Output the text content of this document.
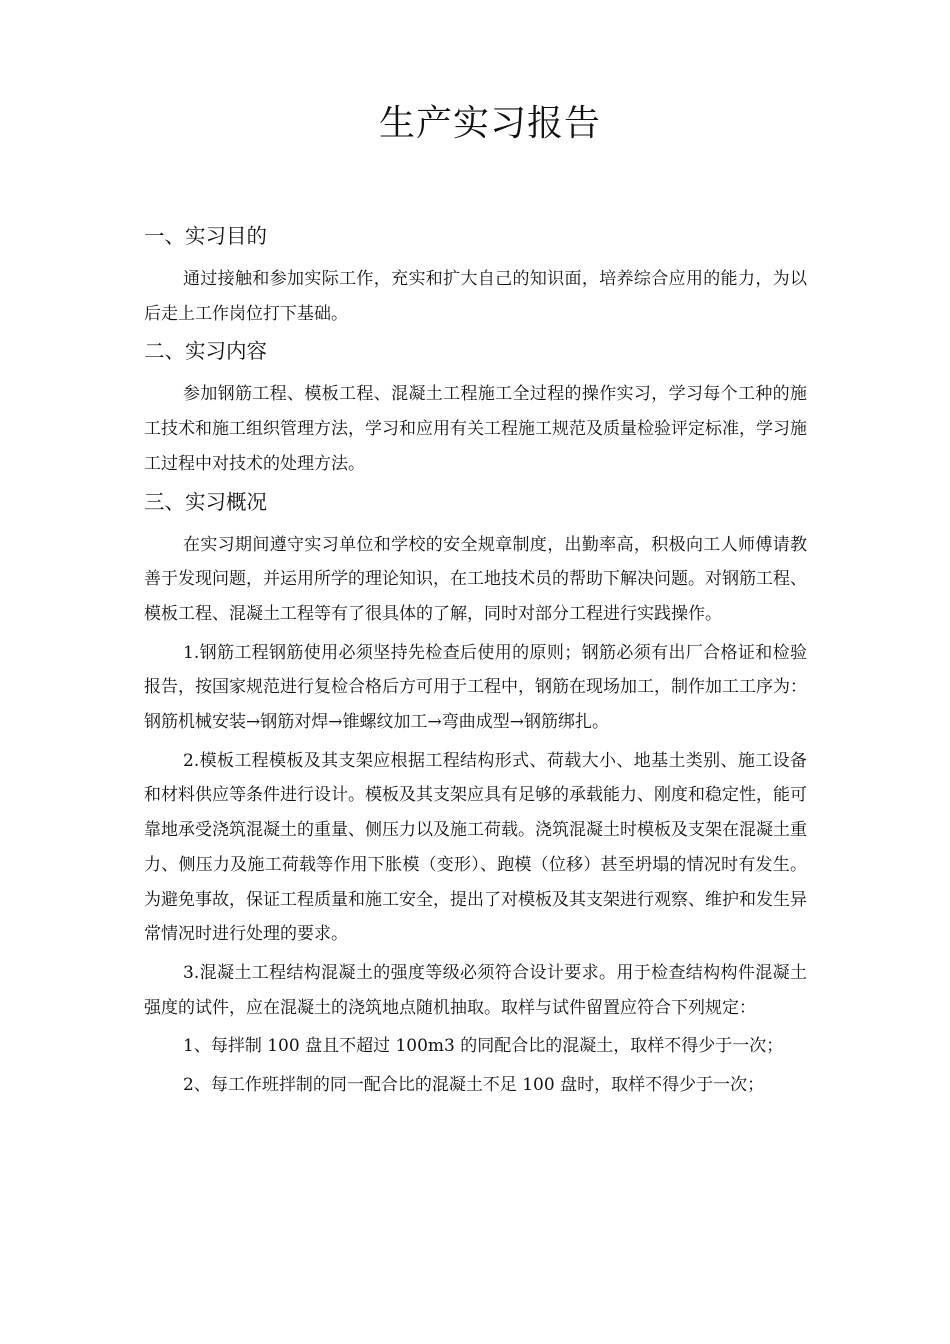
生产实习报告
一、实习目的

通过接触和参加实际工作，充实和扩大自己的知识面，培养综合应用的能力，为以后走上工作岗位打下基础。

二、实习内容

参加钢筋工程、模板工程、混凝土工程施工全过程的操作实习，学习每个工种的施工技术和施工组织管理方法，学习和应用有关工程施工规范及质量检验评定标准，学习施工过程中对技术的处理方法。

三、实习概况

在实习期间遵守实习单位和学校的安全规章制度，出勤率高，积极向工人师傅请教善于发现问题，并运用所学的理论知识，在工地技术员的帮助下解决问题。对钢筋工程、模板工程、混凝土工程等有了很具体的了解，同时对部分工程进行实践操作。

1.钢筋工程钢筋使用必须坚持先检查后使用的原则；钢筋必须有出厂合格证和检验报告，按国家规范进行复检合格后方可用于工程中，钢筋在现场加工，制作加工工序为：钢筋机械安装→钢筋对焊→锥螺纹加工→弯曲成型→钢筋绑扎。

2.模板工程模板及其支架应根据工程结构形式、荷载大小、地基土类别、施工设备和材料供应等条件进行设计。模板及其支架应具有足够的承载能力、刚度和稳定性，能可靠地承受浇筑混凝土的重量、侧压力以及施工荷载。浇筑混凝土时模板及支架在混凝土重力、侧压力及施工荷载等作用下胀模（变形）、跑模（位移）甚至坍塌的情况时有发生。为避免事故，保证工程质量和施工安全，提出了对模板及其支架进行观察、维护和发生异常情况时进行处理的要求。

3.混凝土工程结构混凝土的强度等级必须符合设计要求。用于检查结构构件混凝土强度的试件，应在混凝土的浇筑地点随机抽取。取样与试件留置应符合下列规定：

1、每拌制 100 盘且不超过 100m3 的同配合比的混凝土，取样不得少于一次；

2、每工作班拌制的同一配合比的混凝土不足 100 盘时，取样不得少于一次；
